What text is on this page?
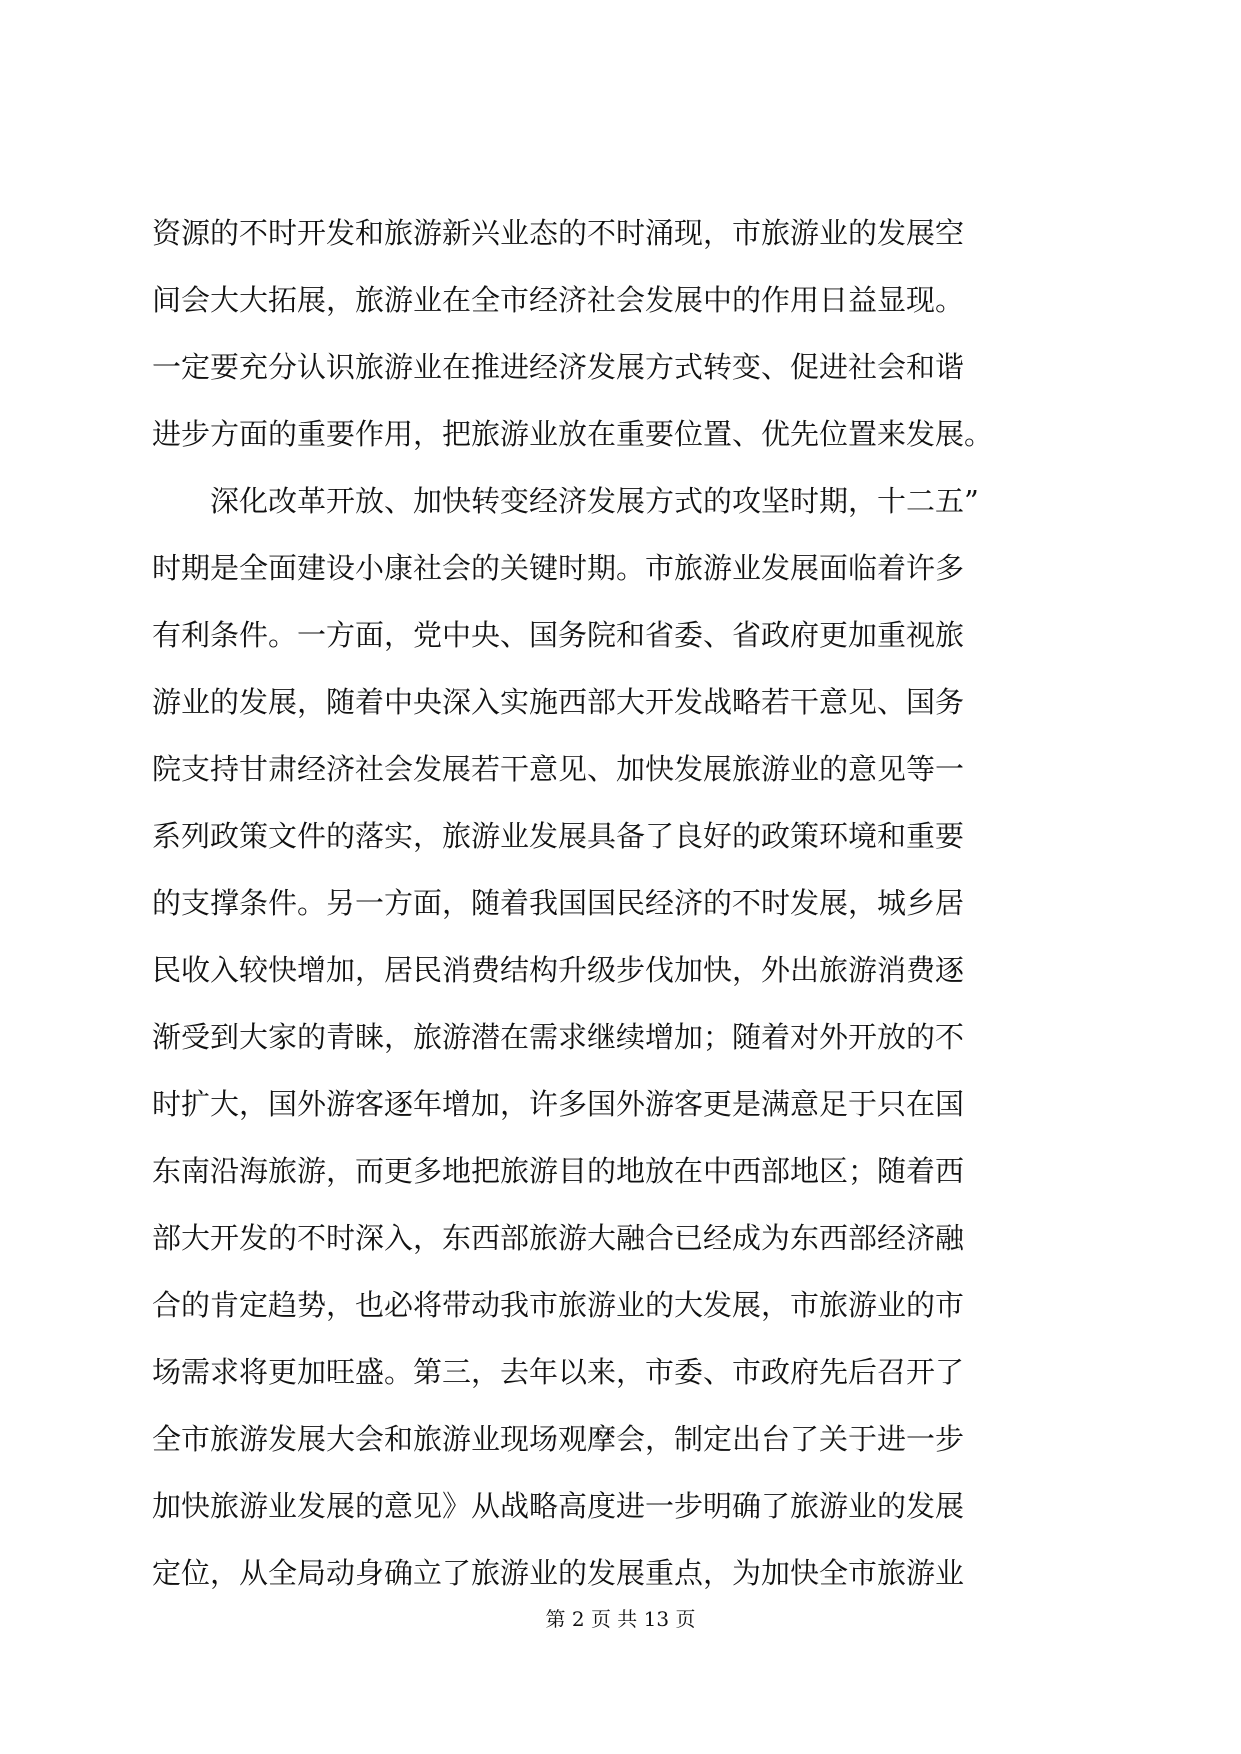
资源的不时开发和旅游新兴业态的不时涌现，市旅游业的发展空
间会大大拓展，旅游业在全市经济社会发展中的作用日益显现。
一定要充分认识旅游业在推进经济发展方式转变、促进社会和谐
进步方面的重要作用，把旅游业放在重要位置、优先位置来发展。
深化改革开放、加快转变经济发展方式的攻坚时期，十二五”
时期是全面建设小康社会的关键时期。市旅游业发展面临着许多
有利条件。一方面，党中央、国务院和省委、省政府更加重视旅
游业的发展，随着中央深入实施西部大开发战略若干意见、国务
院支持甘肃经济社会发展若干意见、加快发展旅游业的意见等一
系列政策文件的落实，旅游业发展具备了良好的政策环境和重要
的支撑条件。另一方面，随着我国国民经济的不时发展，城乡居
民收入较快增加，居民消费结构升级步伐加快，外出旅游消费逐
渐受到大家的青睐，旅游潜在需求继续增加；随着对外开放的不
时扩大，国外游客逐年增加，许多国外游客更是满意足于只在国
东南沿海旅游，而更多地把旅游目的地放在中西部地区；随着西
部大开发的不时深入，东西部旅游大融合已经成为东西部经济融
合的肯定趋势，也必将带动我市旅游业的大发展，市旅游业的市
场需求将更加旺盛。第三，去年以来，市委、市政府先后召开了
全市旅游发展大会和旅游业现场观摩会，制定出台了关于进一步
加快旅游业发展的意见》从战略高度进一步明确了旅游业的发展
定位，从全局动身确立了旅游业的发展重点，为加快全市旅游业
第 2 页 共 13 页
